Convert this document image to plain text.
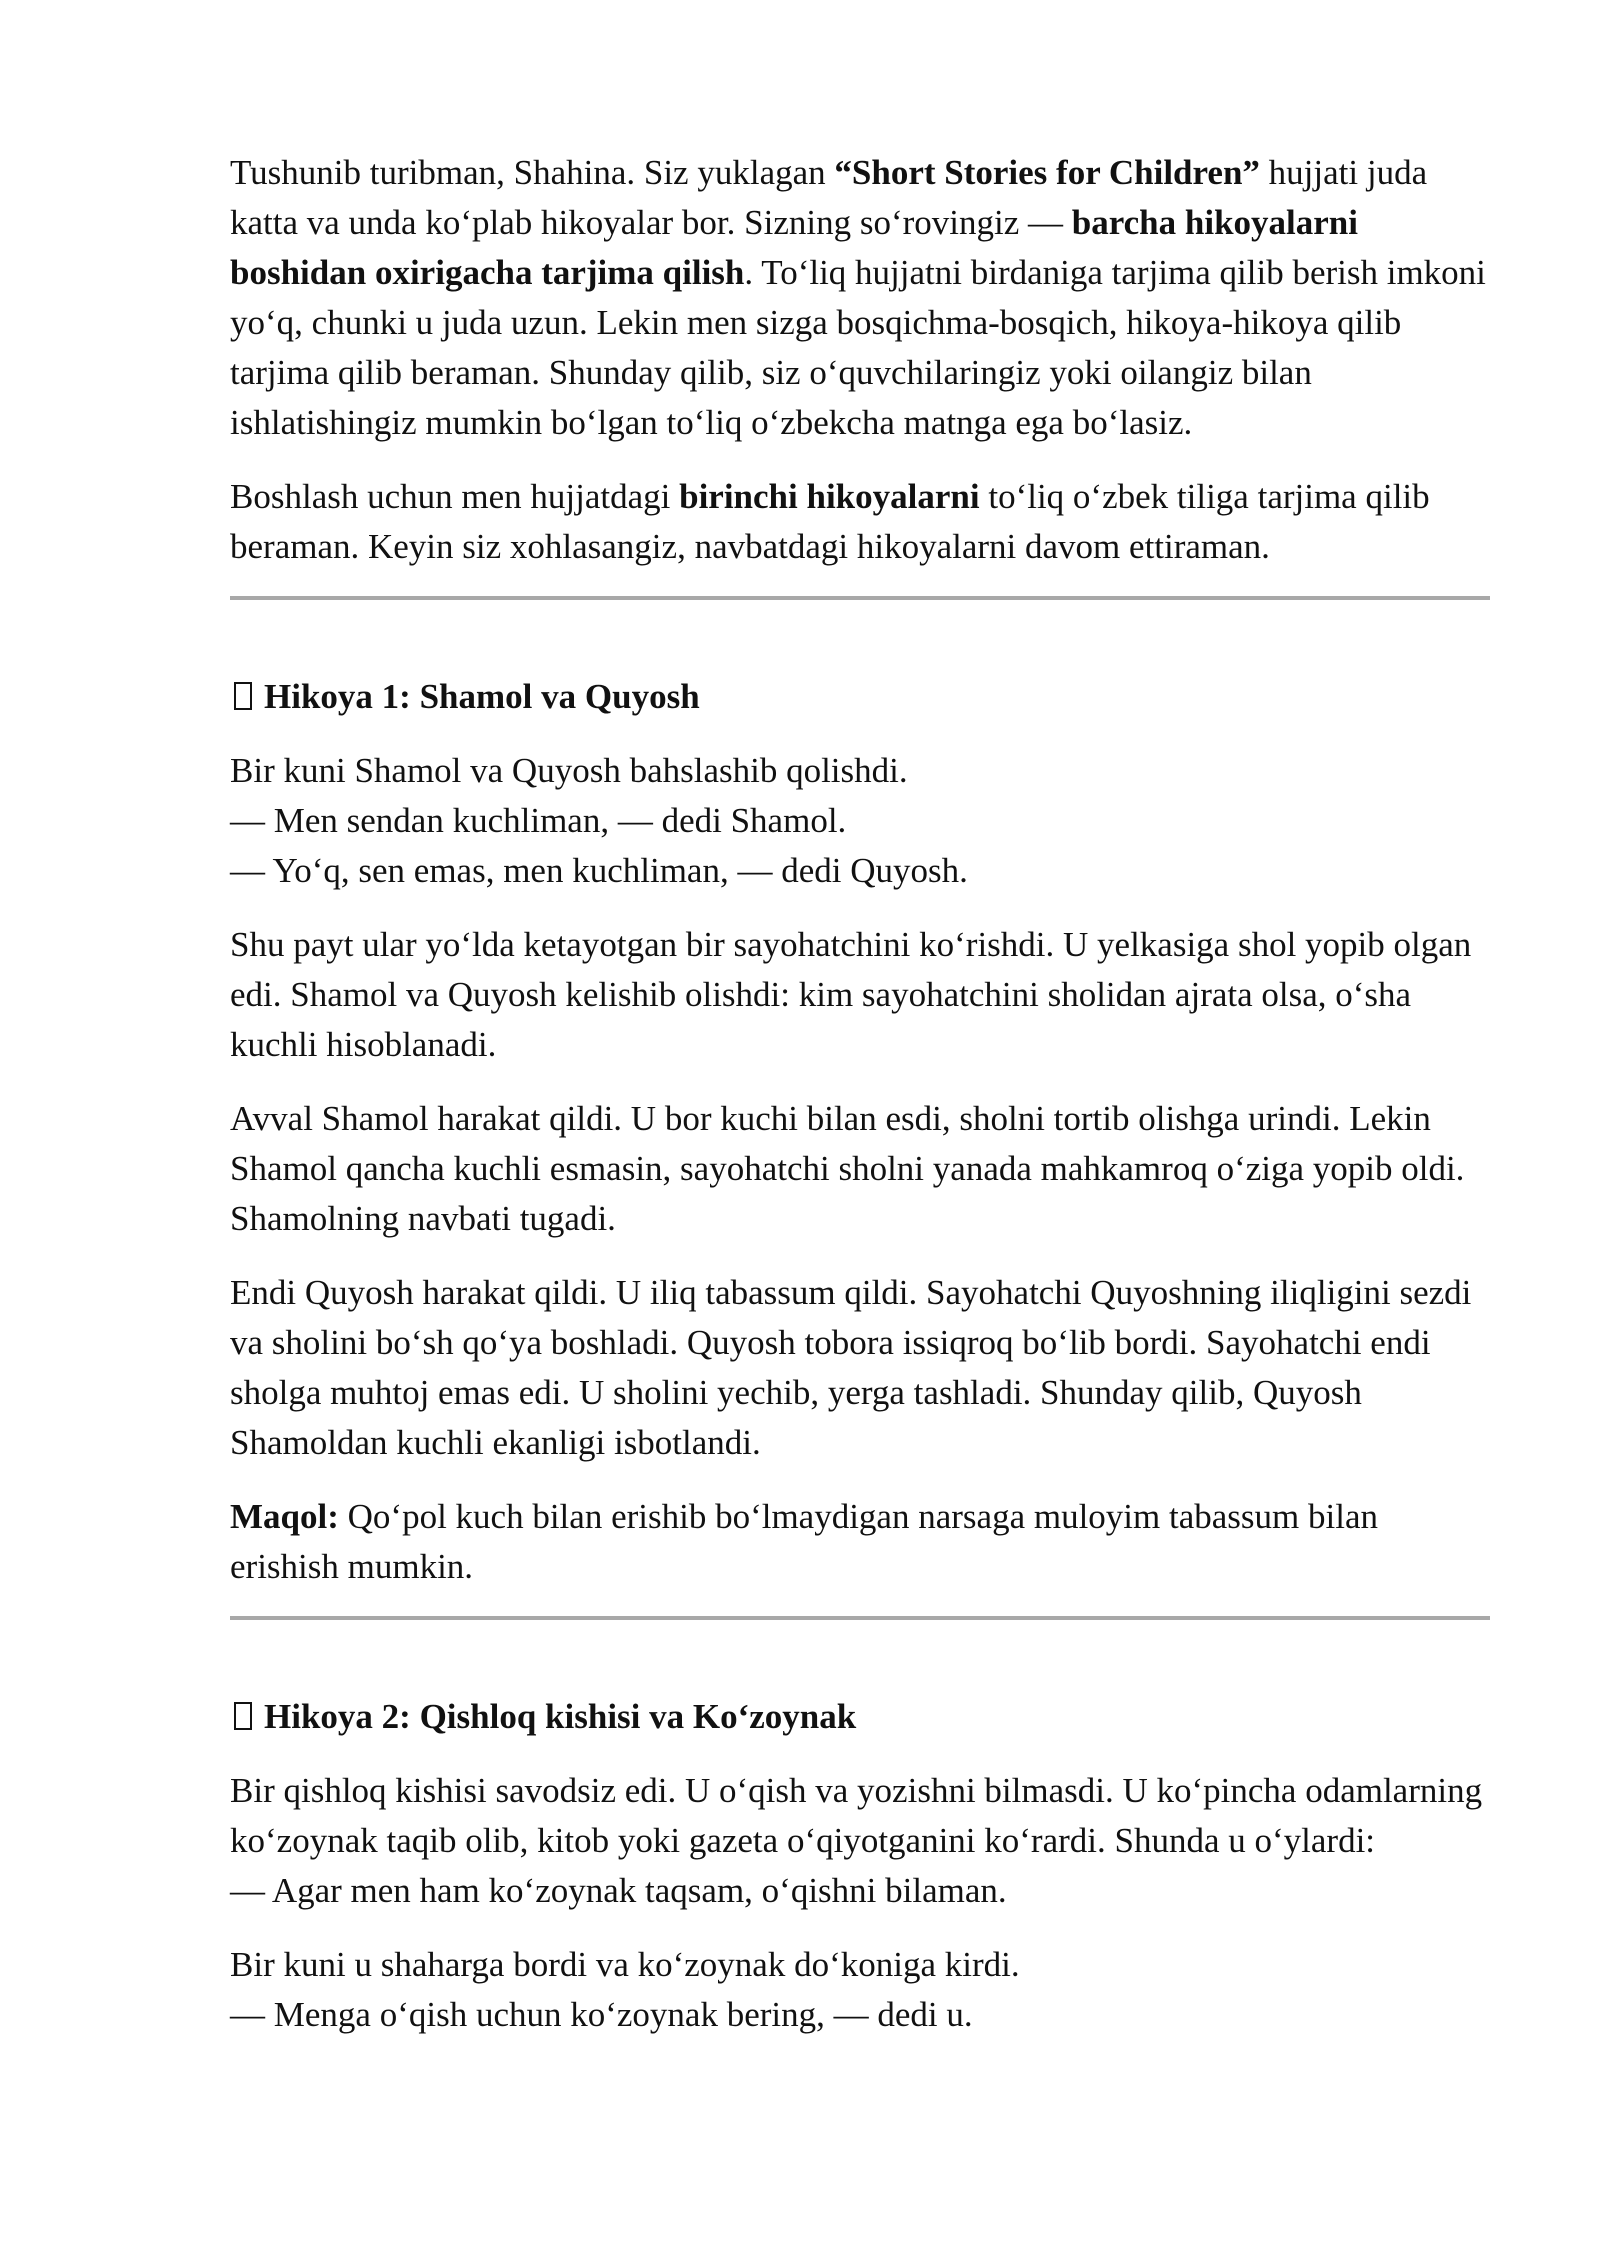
Tushunib turibman, Shahina. Siz yuklagan “Short Stories for Children” hujjati juda katta va unda koʻplab hikoyalar bor. Sizning soʻrovingiz — barcha hikoyalarni boshidan oxirigacha tarjima qilish. Toʻliq hujjatni birdaniga tarjima qilib berish imkoni yoʻq, chunki u juda uzun. Lekin men sizga bosqichma-bosqich, hikoya-hikoya qilib tarjima qilib beraman. Shunday qilib, siz oʻquvchilaringiz yoki oilangiz bilan ishlatishingiz mumkin boʻlgan toʻliq oʻzbekcha matnga ega boʻlasiz.

Boshlash uchun men hujjatdagi birinchi hikoyalarni toʻliq oʻzbek tiliga tarjima qilib beraman. Keyin siz xohlasangiz, navbatdagi hikoyalarni davom ettiraman.

Hikoya 1: Shamol va Quyosh

Bir kuni Shamol va Quyosh bahslashib qolishdi.
— Men sendan kuchliman, — dedi Shamol.
— Yoʻq, sen emas, men kuchliman, — dedi Quyosh.

Shu payt ular yoʻlda ketayotgan bir sayohatchini koʻrishdi. U yelkasiga shol yopib olgan edi. Shamol va Quyosh kelishib olishdi: kim sayohatchini sholidan ajrata olsa, oʻsha kuchli hisoblanadi.

Avval Shamol harakat qildi. U bor kuchi bilan esdi, sholni tortib olishga urindi. Lekin Shamol qancha kuchli esmasin, sayohatchi sholni yanada mahkamroq oʻziga yopib oldi. Shamolning navbati tugadi.

Endi Quyosh harakat qildi. U iliq tabassum qildi. Sayohatchi Quyoshning iliqligini sezdi va sholini boʻsh qoʻya boshladi. Quyosh tobora issiqroq boʻlib bordi. Sayohatchi endi sholga muhtoj emas edi. U sholini yechib, yerga tashladi. Shunday qilib, Quyosh Shamoldan kuchli ekanligi isbotlandi.

Maqol: Qoʻpol kuch bilan erishib boʻlmaydigan narsaga muloyim tabassum bilan erishish mumkin.

Hikoya 2: Qishloq kishisi va Koʻzoynak

Bir qishloq kishisi savodsiz edi. U oʻqish va yozishni bilmasdi. U koʻpincha odamlarning koʻzoynak taqib olib, kitob yoki gazeta oʻqiyotganini koʻrardi. Shunda u oʻylardi:
— Agar men ham koʻzoynak taqsam, oʻqishni bilaman.

Bir kuni u shaharga bordi va koʻzoynak doʻkoniga kirdi.
— Menga oʻqish uchun koʻzoynak bering, — dedi u.
